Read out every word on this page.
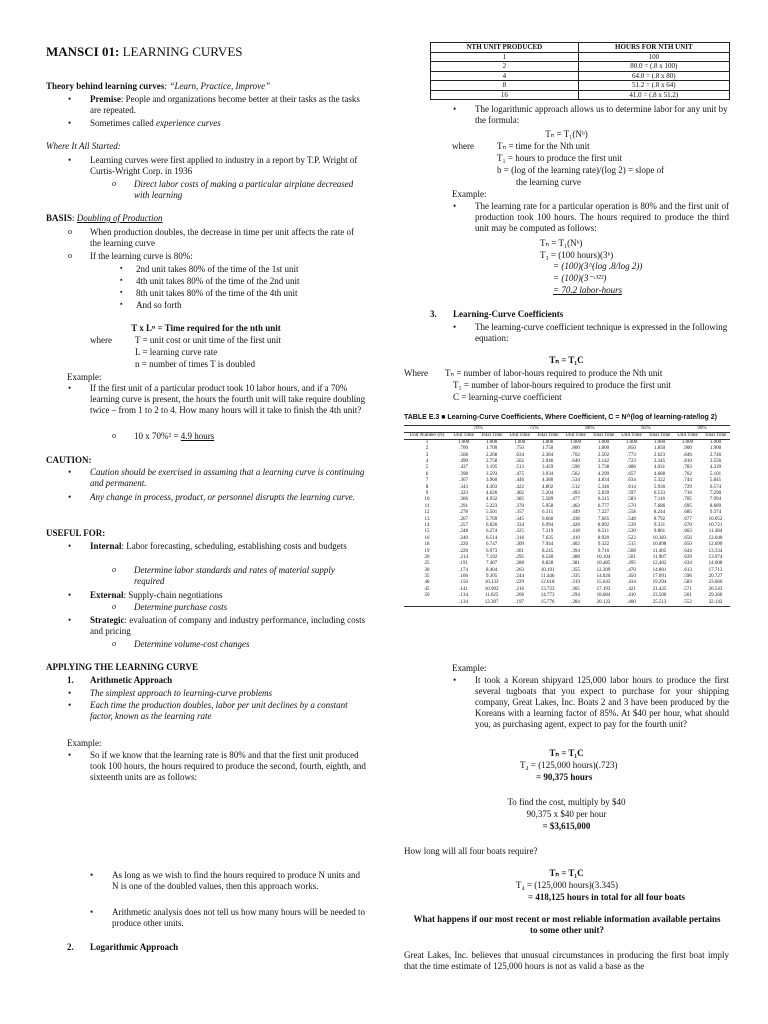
MANSCI 01: LEARNING CURVES
Theory behind learning curves: “Learn, Practice, Improve”
• Premise: People and organizations become better at their tasks as the tasks are repeated.
• Sometimes called experience curves
Where It All Started:
• Learning curves were first applied to industry in a report by T.P. Wright of Curtis-Wright Corp. in 1936
o Direct labor costs of making a particular airplane decreased with learning
BASIS: Doubling of Production
o When production doubles, the decrease in time per unit affects the rate of the learning curve
o If the learning curve is 80%:
▪ 2nd unit takes 80% of the time of the 1st unit
▪ 4th unit takes 80% of the time of the 2nd unit
▪ 8th unit takes 80% of the time of the 4th unit
▪ And so forth
T x Lⁿ = Time required for the nth unit
where	T = unit cost or unit time of the first unit
L = learning curve rate
n = number of times T is doubled
Example:
• If the first unit of a particular product took 10 labor hours, and if a 70% learning curve is present, the hours the fourth unit will take require doubling twice – from 1 to 2 to 4. How many hours will it take to finish the 4th unit?
o 10 x 70%² = 4.9 hours
CAUTION:
• Caution should be exercised in assuming that a learning curve is continuing and permanent.
• Any change in process, product, or personnel disrupts the learning curve.
USEFUL FOR:
• Internal: Labor forecasting, scheduling, establishing costs and budgets
o Determine labor standards and rates of material supply required
• External: Supply-chain negotiations
o Determine purchase costs
• Strategic: evaluation of company and industry performance, including costs and pricing
o Determine volume-cost changes
APPLYING THE LEARNING CURVE
1. Arithmetic Approach
• The simplest approach to learning-curve problems
• Each time the production doubles, labor per unit declines by a constant factor, known as the learning rate
Example:
• So if we know that the learning rate is 80% and that the first unit produced took 100 hours, the hours required to produce the second, fourth, eighth, and sixteenth units are as follows:
• As long as we wish to find the hours required to produce N units and N is one of the doubled values, then this approach works.
• Arithmetic analysis does not tell us how many hours will be needed to produce other units.
2. Logarithmic Approach
NTH UNIT PRODUCED	HOURS FOR NTH UNIT
1	100
2	80.0 = (.8 x 100)
4	64.0 = (.8 x 80)
8	51.2 = (.8 x 64)
16	41.0 = (.8 x 51.2)
• The logarithmic approach allows us to determine labor for any unit by the formula:
Tₙ = T₁(Nᵇ)
where	Tₙ = time for the Nth unit
T₁ = hours to produce the first unit
b = (log of the learning rate)/(log 2) = slope of
the learning curve
Example:
• The learning rate for a particular operation is 80% and the first unit of production took 100 hours. The hours required to produce the third unit may be computed as follows:
Tₙ = T₁(Nᵇ)
T₃ = (100 hours)(3ᵇ)
= (100)(3^(log .8/log 2))
= (100)(3⁻·³²²)
= 70.2 labor-hours
3. Learning-Curve Coefficients
• The learning-curve coefficient technique is expressed in the following equation:
Tₙ = T₁C
Where Tₙ = number of labor-hours required to produce the Nth unit
T₁ = number of labor-hours required to produce the first unit
C = learning-curve coefficient
TABLE E.3 ■ Learning-Curve Coefficients, Where Coefficient, C = N^(log of learning-rate/log 2)
	70%		75%		80%		85%		90%	
Unit Number (N)	Unit Time	Total Time	Unit Time	Total Time	Unit Time	Total Time	Unit Time	Total Time	Unit Time	Total Time
1	1.000	1.000	1.000	1.000	1.000	1.000	1.000	1.000	1.000	1.000
2	.700	1.700	.750	1.750	.800	1.800	.850	1.850	.900	1.900
3	.568	2.268	.634	2.384	.702	2.502	.773	2.623	.846	2.746
4	.490	2.758	.562	2.946	.640	3.142	.723	3.345	.810	3.556
5	.437	3.195	.513	3.459	.596	3.738	.686	4.031	.783	4.339
6	.398	3.593	.475	3.934	.562	4.299	.657	4.688	.762	5.101
7	.367	3.960	.446	4.380	.534	4.834	.634	5.322	.744	5.845
8	.343	4.303	.422	4.802	.512	5.346	.614	5.936	.729	6.574
9	.323	4.626	.402	5.204	.493	5.839	.597	6.533	.716	7.290
10	.306	4.932	.385	5.589	.477	6.315	.583	7.116	.705	7.994
11	.291	5.223	.370	5.958	.462	6.777	.570	7.686	.695	8.689
12	.278	5.501	.357	6.315	.449	7.227	.558	8.244	.685	9.374
13	.267	5.769	.345	6.660	.438	7.665	.548	8.792	.677	10.052
14	.257	6.026	.334	6.994	.428	8.092	.539	9.331	.670	10.721
15	.248	6.274	.325	7.319	.418	8.511	.530	9.861	.663	11.384
16	.240	6.514	.316	7.635	.410	8.920	.522	10.383	.656	12.040
18	.226	6.747	.309	7.944	.402	9.322	.515	10.898	.650	12.690
19	.220	6.973	.301	8.245	.394	9.716	.508	11.405	.644	13.334
20	.214	7.192	.295	8.540	.388	10.104	.501	11.907	.639	13.974
25	.191	7.407	.288	8.828	.381	10.485	.495	12.402	.634	14.608
30	.174	8.404	.263	10.191	.355	12.309	.470	14.801	.613	17.713
35	.160	9.305	.244	11.446	.335	14.020	.450	17.091	.596	20.727
40	.150	10.133	.229	12.618	.319	15.643	.434	19.294	.583	23.666
45	.141	10.902	.216	13.723	.305	17.193	.421	21.425	.571	26.543
50	.134	11.625	.206	14.773	.294	18.684	.410	23.500	.561	29.366
	.134	12.307	.197	15.776	.284	20.122	.400	25.513	.552	32.142
Example:
• It took a Korean shipyard 125,000 labor hours to produce the first several tugboats that you expect to purchase for your shipping company, Great Lakes, Inc. Boats 2 and 3 have been produced by the Koreans with a learning factor of 85%. At $40 per hour, what should you, as purchasing agent, expect to pay for the fourth unit?
Tₙ = T₁C
T₄ = (125,000 hours)(.723)
= 90,375 hours
To find the cost, multiply by $40
90,375 x $40 per hour
= $3,615,000
How long will all four boats require?
Tₙ = T₁C
T₄ = (125,000 hours)(3.345)
= 418,125 hours in total for all four boats
What happens if our most recent or most reliable information available pertains to some other unit?
Great Lakes, Inc. believes that unusual circumstances in producing the first boat imply that the time estimate of 125,000 hours is not as valid a base as the
